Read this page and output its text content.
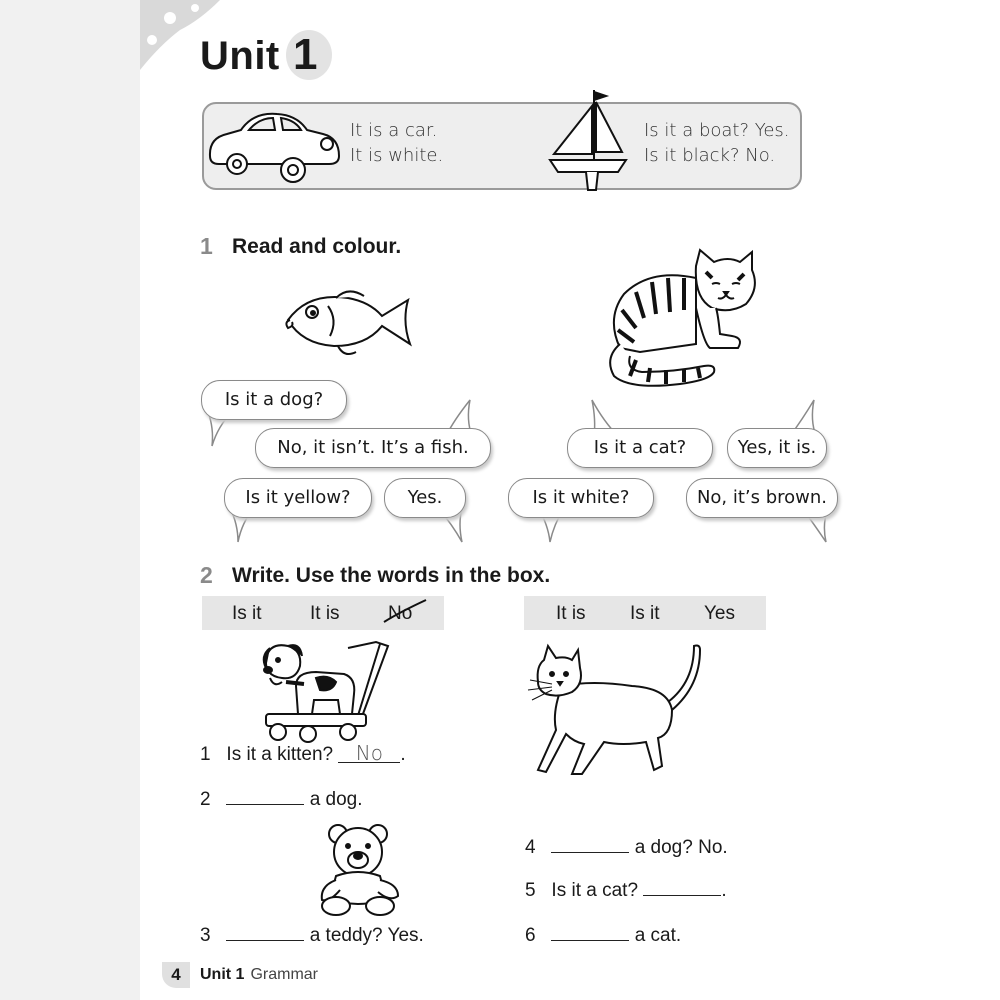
1
Unit
It is a car.
It is white.
Is it a boat? Yes.
Is it black? No.
1 Read and colour.
Is it a dog?
No, it isn’t. It’s a fish.
Is it yellow?	Yes.
Is it a cat?	Yes, it is.
Is it white?	No, it’s brown.
2 Write. Use the words in the box.
Is it	It is	No	It is Is it Yes
1 Is it a kitten? No .
2	a dog.
3	a teddy? Yes.
4	a dog? No.
5 Is it a cat?	.
6	a cat.
4	Unit 1 Grammar
